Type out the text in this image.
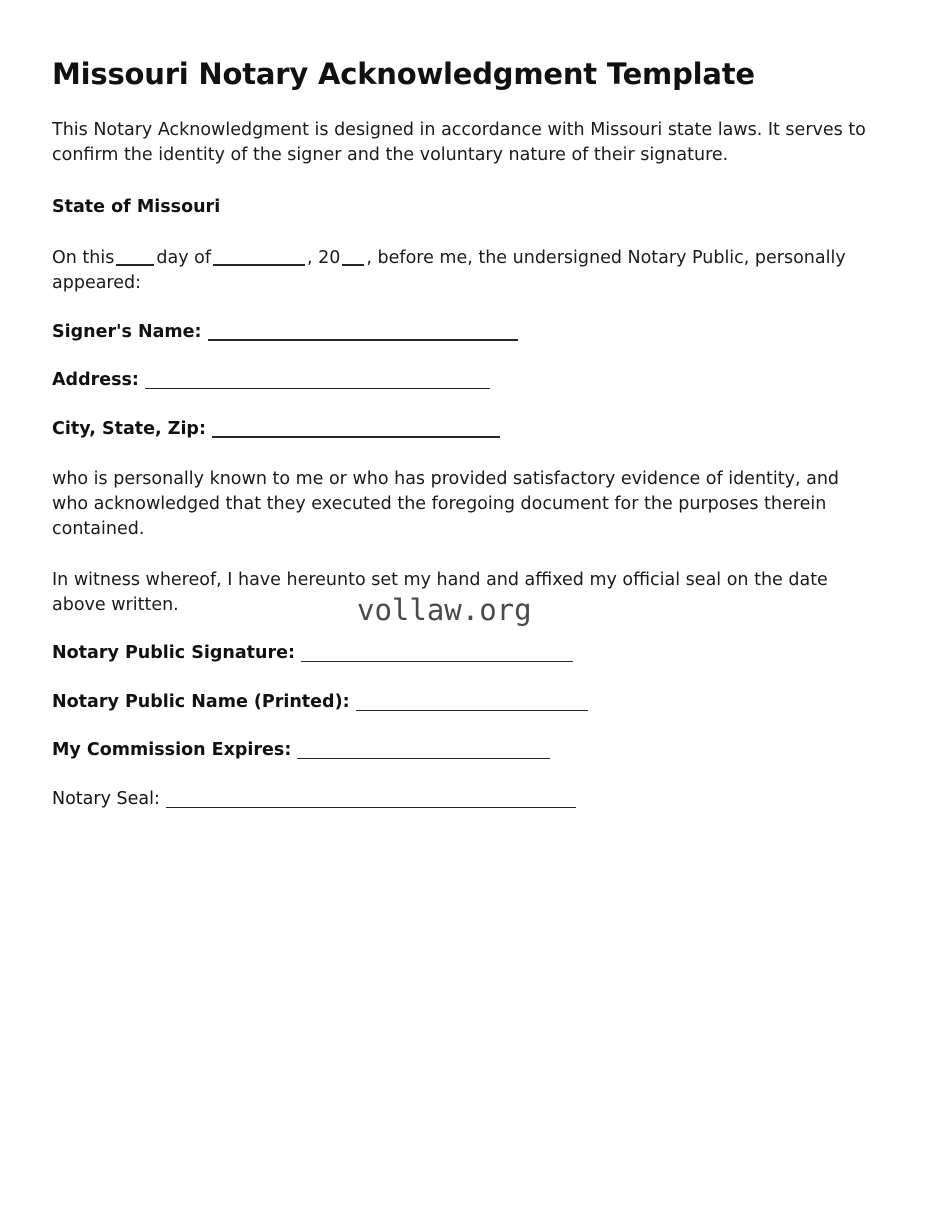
Missouri Notary Acknowledgment Template

This Notary Acknowledgment is designed in accordance with Missouri state laws. It serves to confirm the identity of the signer and the voluntary nature of their signature.

State of Missouri

On this day of	, 20 , before me, the undersigned Notary Public, personally appeared:

Signer's Name:

Address:

City, State, Zip:

who is personally known to me or who has provided satisfactory evidence of identity, and who acknowledged that they executed the foregoing document for the purposes therein contained.

In witness whereof, I have hereunto set my hand and affixed my official seal on the date above written.

Notary Public Signature:

Notary Public Name (Printed):

My Commission Expires:

Notary Seal:

vollaw.org
